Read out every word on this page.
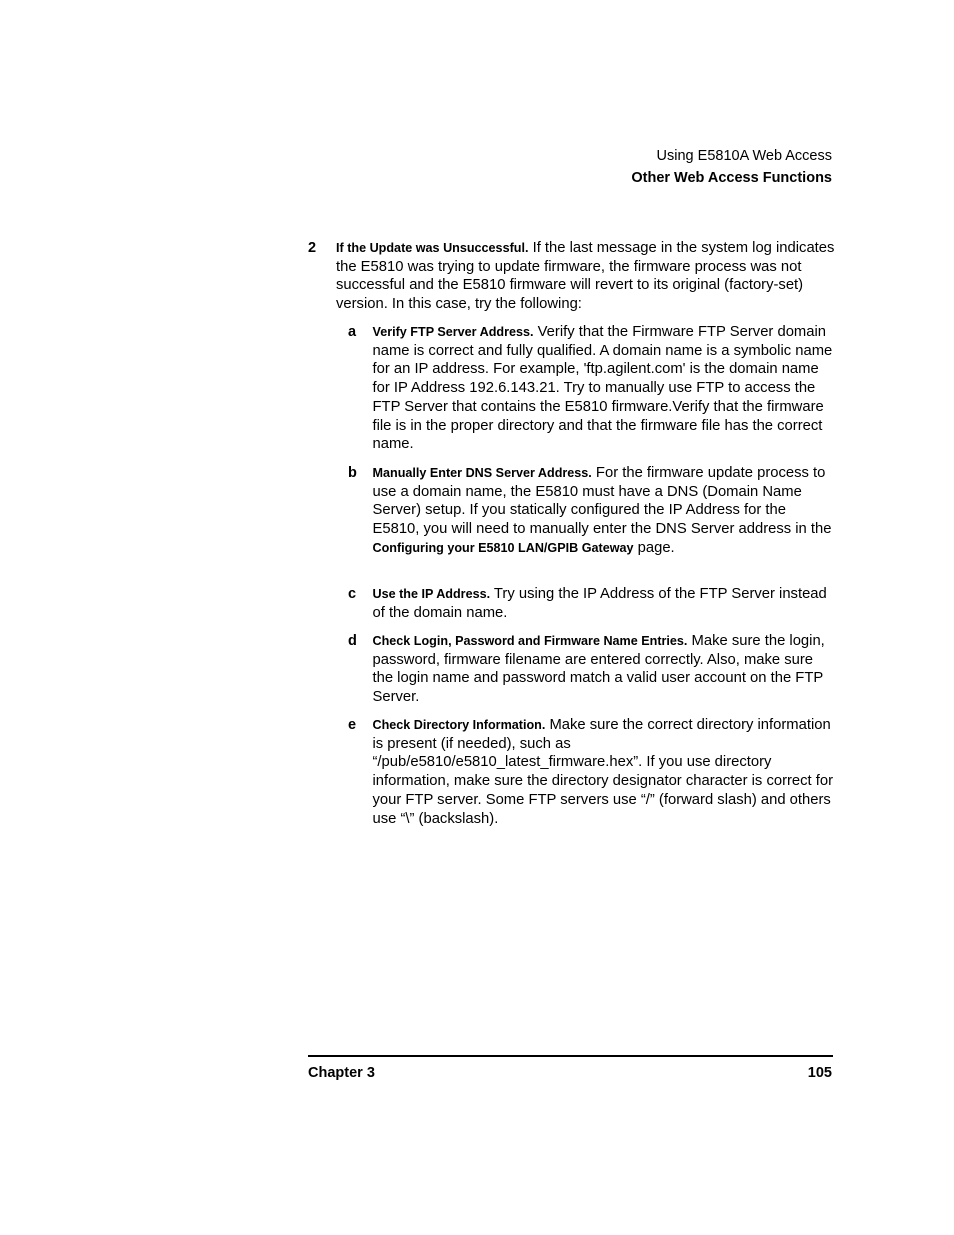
Using E5810A Web Access
Other Web Access Functions
2 If the Update was Unsuccessful. If the last message in the system log indicates the E5810 was trying to update firmware, the firmware process was not successful and the E5810 firmware will revert to its original (factory-set) version. In this case, try the following:
a Verify FTP Server Address. Verify that the Firmware FTP Server domain name is correct and fully qualified. A domain name is a symbolic name for an IP address. For example, 'ftp.agilent.com' is the domain name for IP Address 192.6.143.21. Try to manually use FTP to access the FTP Server that contains the E5810 firmware.Verify that the firmware file is in the proper directory and that the firmware file has the correct name.
b Manually Enter DNS Server Address. For the firmware update process to use a domain name, the E5810 must have a DNS (Domain Name Server) setup. If you statically configured the IP Address for the E5810, you will need to manually enter the DNS Server address in the Configuring your E5810 LAN/GPIB Gateway page.
c Use the IP Address. Try using the IP Address of the FTP Server instead of the domain name.
d Check Login, Password and Firmware Name Entries. Make sure the login, password, firmware filename are entered correctly. Also, make sure the login name and password match a valid user account on the FTP Server.
e Check Directory Information. Make sure the correct directory information is present (if needed), such as “/pub/e5810/e5810_latest_firmware.hex”. If you use directory information, make sure the directory designator character is correct for your FTP server. Some FTP servers use “/” (forward slash) and others use “\” (backslash).
Chapter 3	105
